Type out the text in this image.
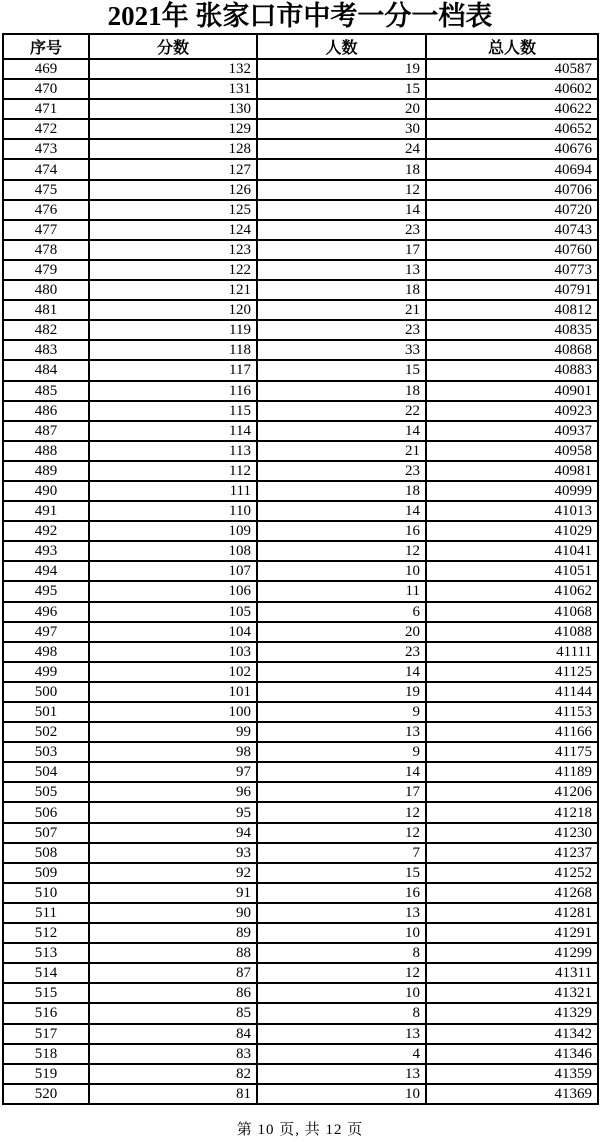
2021年 张家口市中考一分一档表
序号	分数	人数	总人数
469	132	19	40587
470	131	15	40602
471	130	20	40622
472	129	30	40652
473	128	24	40676
474	127	18	40694
475	126	12	40706
476	125	14	40720
477	124	23	40743
478	123	17	40760
479	122	13	40773
480	121	18	40791
481	120	21	40812
482	119	23	40835
483	118	33	40868
484	117	15	40883
485	116	18	40901
486	115	22	40923
487	114	14	40937
488	113	21	40958
489	112	23	40981
490	111	18	40999
491	110	14	41013
492	109	16	41029
493	108	12	41041
494	107	10	41051
495	106	11	41062
496	105	6	41068
497	104	20	41088
498	103	23	41111
499	102	14	41125
500	101	19	41144
501	100	9	41153
502	99	13	41166
503	98	9	41175
504	97	14	41189
505	96	17	41206
506	95	12	41218
507	94	12	41230
508	93	7	41237
509	92	15	41252
510	91	16	41268
511	90	13	41281
512	89	10	41291
513	88	8	41299
514	87	12	41311
515	86	10	41321
516	85	8	41329
517	84	13	41342
518	83	4	41346
519	82	13	41359
520	81	10	41369
第 10 页, 共 12 页
